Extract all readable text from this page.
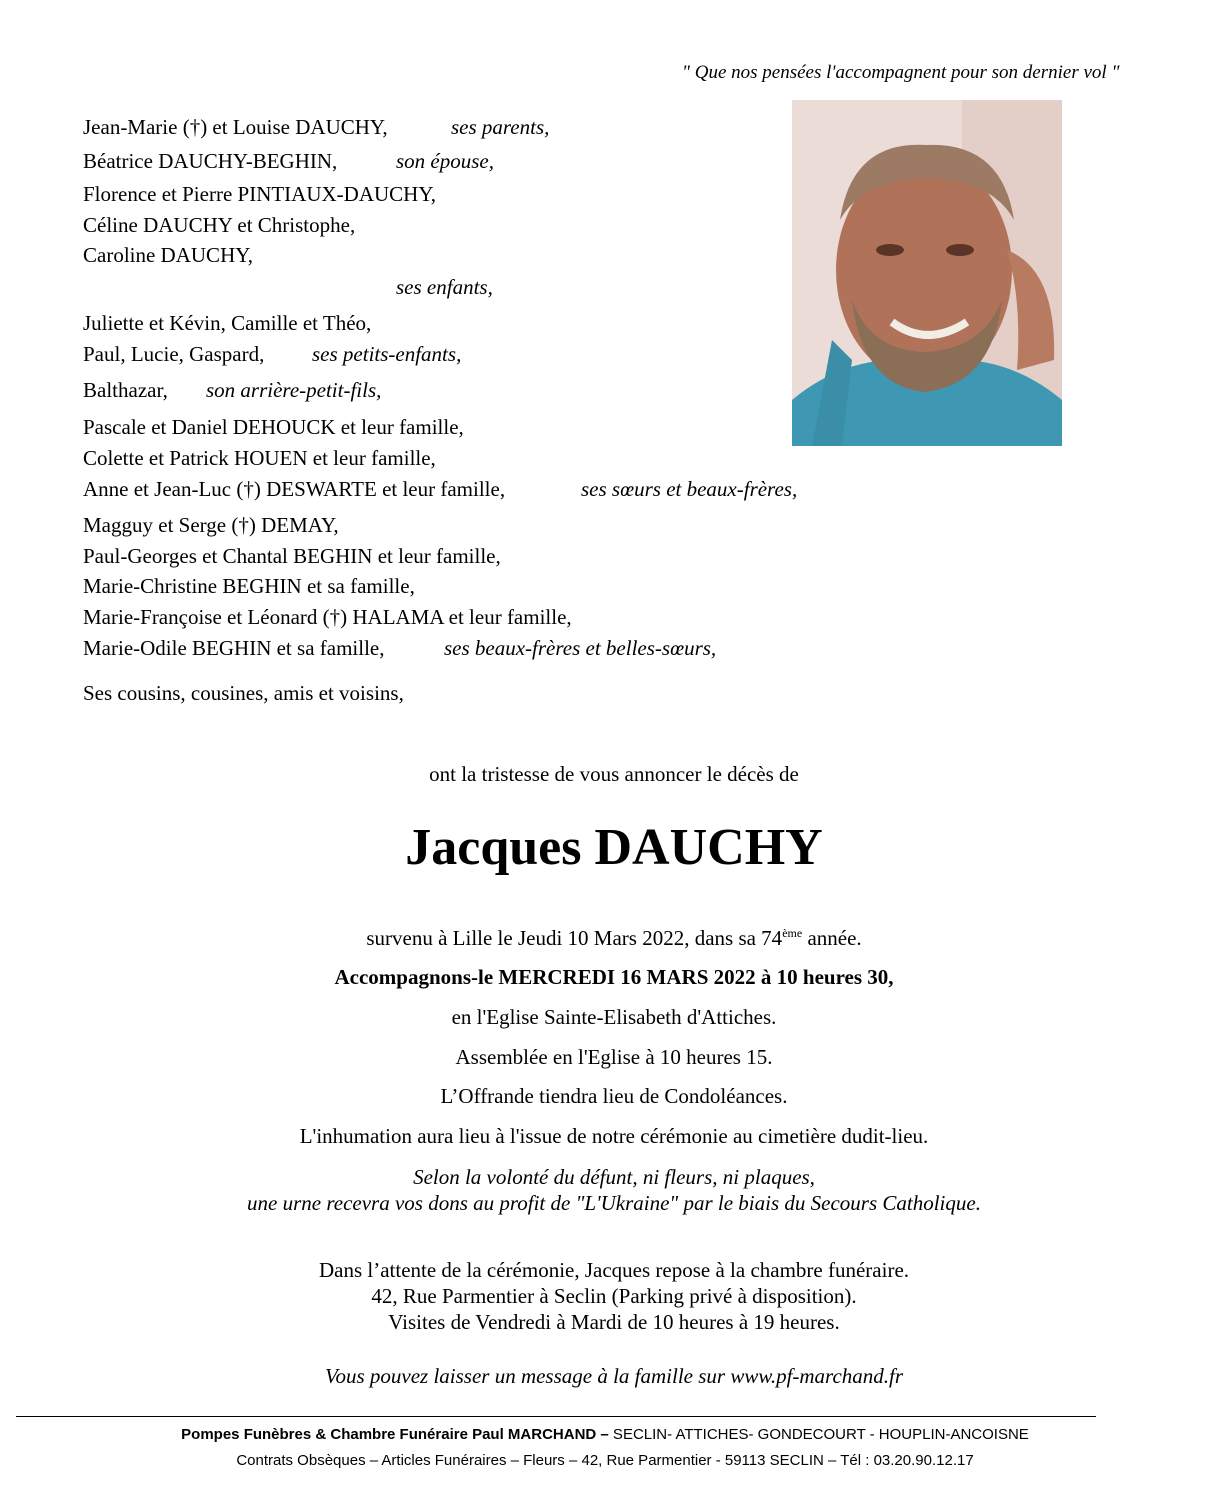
" Que nos pensées l'accompagnent pour son dernier vol "
Jean-Marie (†) et Louise DAUCHY,	ses parents,
Béatrice DAUCHY-BEGHIN,	son épouse,
Florence et Pierre PINTIAUX-DAUCHY,
Céline DAUCHY et Christophe,
Caroline DAUCHY,
ses enfants,
Juliette et Kévin, Camille et Théo,
Paul, Lucie, Gaspard, ses petits-enfants,
Balthazar, son arrière-petit-fils,
Pascale et Daniel DEHOUCK et leur famille,
Colette et Patrick HOUEN et leur famille,
Anne et Jean-Luc (†) DESWARTE et leur famille,	ses sœurs et beaux-frères,
Magguy et Serge (†) DEMAY,
Paul-Georges et Chantal BEGHIN et leur famille,
Marie-Christine BEGHIN et sa famille,
Marie-Françoise et Léonard (†) HALAMA et leur famille,
Marie-Odile BEGHIN et sa famille,	ses beaux-frères et belles-sœurs,
Ses cousins, cousines, amis et voisins,
ont la tristesse de vous annoncer le décès de
Jacques DAUCHY
survenu à Lille le Jeudi 10 Mars 2022, dans sa 74ème année.
Accompagnons-le MERCREDI 16 MARS 2022 à 10 heures 30,
en l'Eglise Sainte-Elisabeth d'Attiches.
Assemblée en l'Eglise à 10 heures 15.
L’Offrande tiendra lieu de Condoléances.
L'inhumation aura lieu à l'issue de notre cérémonie au cimetière dudit-lieu.
Selon la volonté du défunt, ni fleurs, ni plaques,
une urne recevra vos dons au profit de "L'Ukraine" par le biais du Secours Catholique.
Dans l’attente de la cérémonie, Jacques repose à la chambre funéraire.
42, Rue Parmentier à Seclin (Parking privé à disposition).
Visites de Vendredi à Mardi de 10 heures à 19 heures.
Vous pouvez laisser un message à la famille sur www.pf-marchand.fr
Pompes Funèbres & Chambre Funéraire Paul MARCHAND – SECLIN- ATTICHES- GONDECOURT - HOUPLIN-ANCOISNE
Contrats Obsèques – Articles Funéraires – Fleurs – 42, Rue Parmentier - 59113 SECLIN – Tél : 03.20.90.12.17
